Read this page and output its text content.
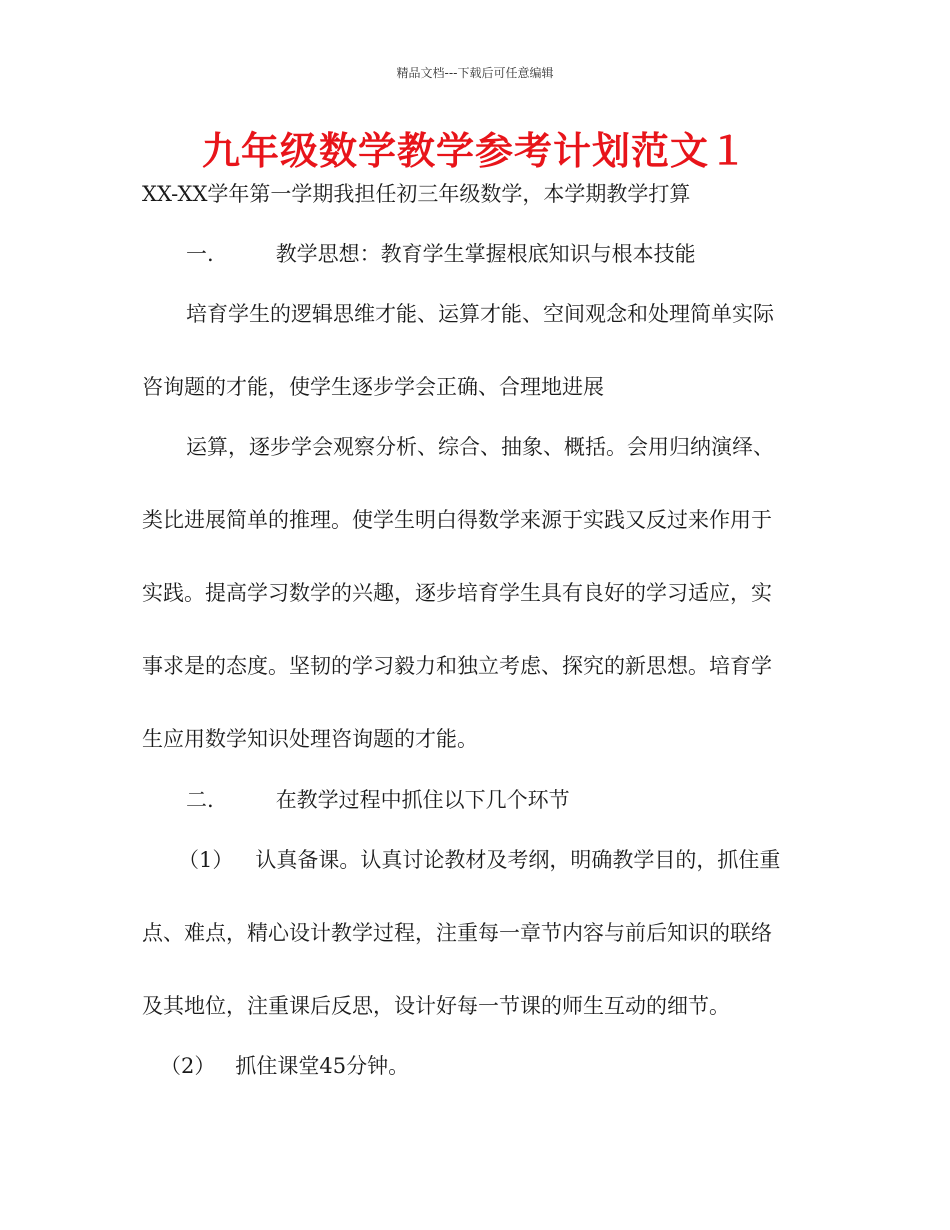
精品文档---下载后可任意编辑
九年级数学教学参考计划范文１
XX-XX学年第一学期我担任初三年级数学，本学期教学打算
一.	教学思想：教育学生掌握根底知识与根本技能
培育学生的逻辑思维才能、运算才能、空间观念和处理简单实际
咨询题的才能，使学生逐步学会正确、合理地进展
运算，逐步学会观察分析、综合、抽象、概括。会用归纳演绎、
类比进展简单的推理。使学生明白得数学来源于实践又反过来作用于
实践。提高学习数学的兴趣，逐步培育学生具有良好的学习适应，实
事求是的态度。坚韧的学习毅力和独立考虑、探究的新思想。培育学
生应用数学知识处理咨询题的才能。
二.	在教学过程中抓住以下几个环节
（1） 认真备课。认真讨论教材及考纲，明确教学目的，抓住重
点、难点，精心设计教学过程，注重每一章节内容与前后知识的联络
及其地位，注重课后反思，设计好每一节课的师生互动的细节。
（2） 抓住课堂45分钟。
